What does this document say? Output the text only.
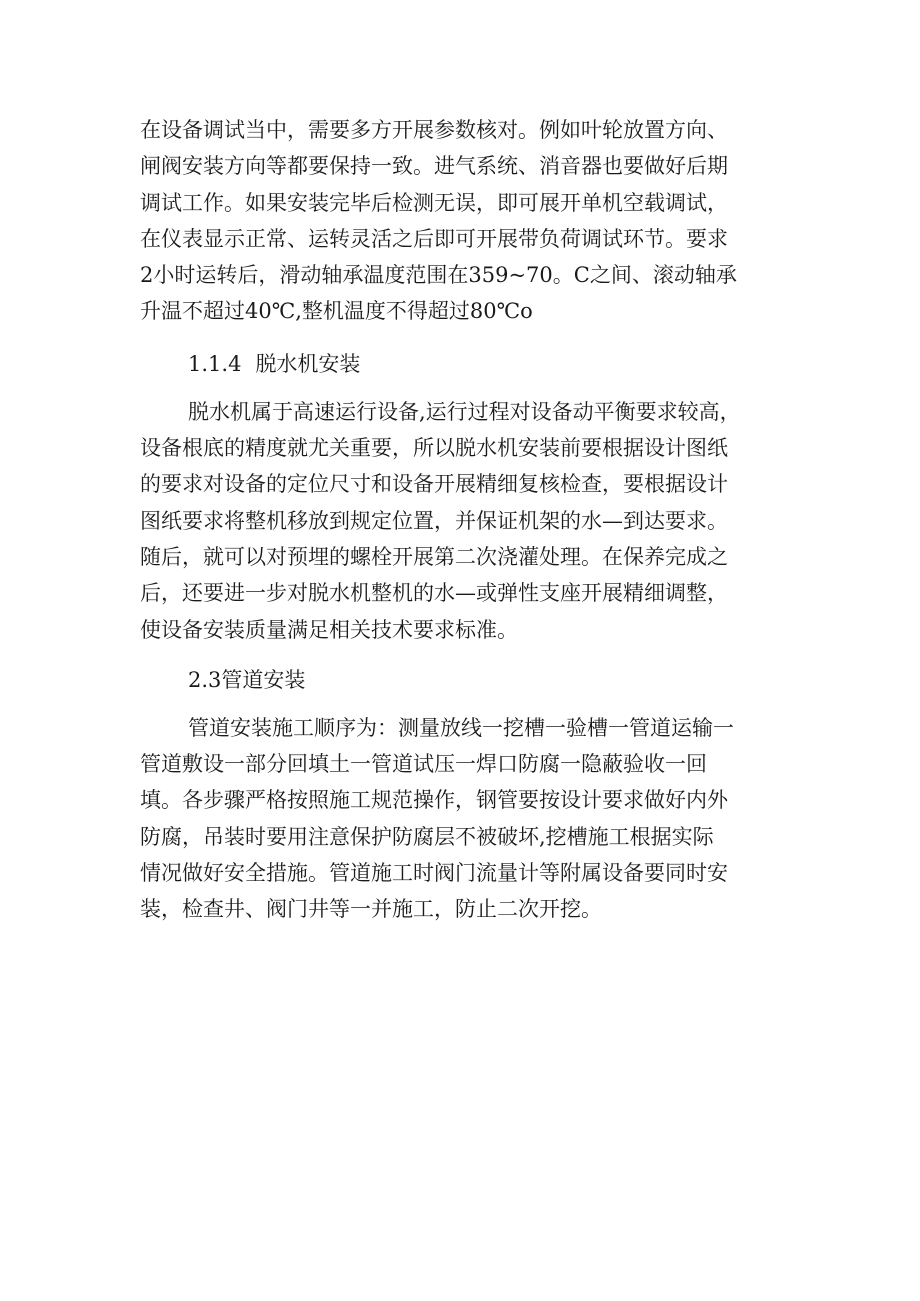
在设备调试当中，需要多方开展参数核对。例如叶轮放置方向、
闸阀安装方向等都要保持一致。进气系统、消音器也要做好后期
调试工作。如果安装完毕后检测无误，即可展开单机空载调试，
在仪表显示正常、运转灵活之后即可开展带负荷调试环节。要求
2小时运转后，滑动轴承温度范围在359~70。C之间、滚动轴承
升温不超过40℃,整机温度不得超过80℃o
1.1.4 脱水机安装
脱水机属于高速运行设备,运行过程对设备动平衡要求较高，
设备根底的精度就尤关重要，所以脱水机安装前要根据设计图纸
的要求对设备的定位尺寸和设备开展精细复核检查，要根据设计
图纸要求将整机移放到规定位置，并保证机架的水—到达要求。
随后，就可以对预埋的螺栓开展第二次浇灌处理。在保养完成之
后，还要进一步对脱水机整机的水—或弹性支座开展精细调整，
使设备安装质量满足相关技术要求标准。
2.3管道安装
管道安装施工顺序为：测量放线一挖槽一验槽一管道运输一
管道敷设一部分回填土一管道试压一焊口防腐一隐蔽验收一回
填。各步骤严格按照施工规范操作，钢管要按设计要求做好内外
防腐，吊装时要用注意保护防腐层不被破坏,挖槽施工根据实际
情况做好安全措施。管道施工时阀门流量计等附属设备要同时安
装，检查井、阀门井等一并施工，防止二次开挖。
